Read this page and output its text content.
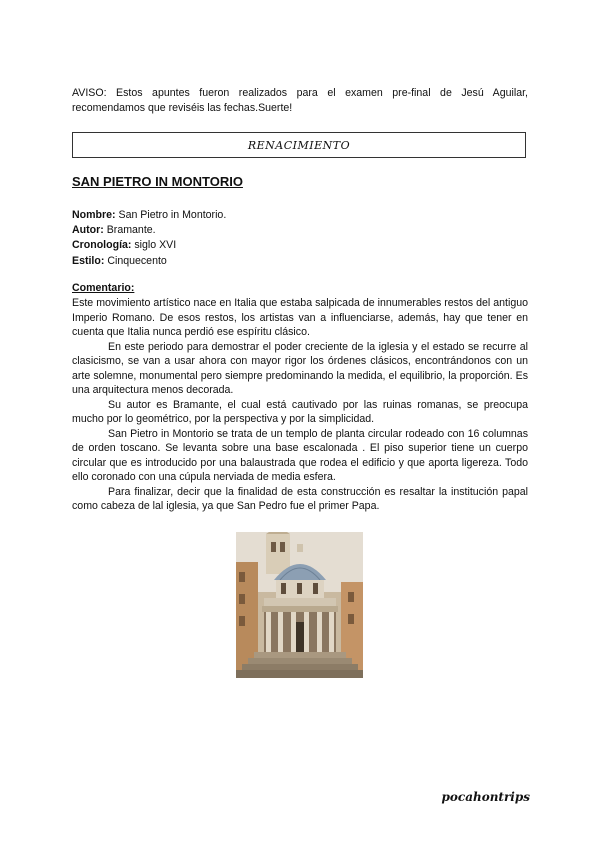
AVISO: Estos apuntes fueron realizados para el examen pre-final de Jesú Aguilar, recomendamos que reviséis las fechas.Suerte!

RENACIMIENTO
SAN PIETRO IN MONTORIO
Nombre: San Pietro in Montorio.
Autor: Bramante.
Cronología: siglo XVI
Estilo: Cinquecento
Comentario:

Este movimiento artístico nace en Italia que estaba salpicada de innumerables restos del antiguo Imperio Romano. De esos restos, los artistas van a influenciarse, además, hay que tener en cuenta que Italia nunca perdió ese espíritu clásico.

En este periodo para demostrar el poder creciente de la iglesia y el estado se recurre al clasicismo, se van a usar ahora con mayor rigor los órdenes clásicos, encontrándonos con un arte solemne, monumental pero siempre predominando la medida, el equilibrio, la proporción. Es una arquitectura menos decorada.

Su autor es Bramante, el cual está cautivado por las ruinas romanas, se preocupa mucho por lo geométrico, por la perspectiva y por la simplicidad.

San Pietro in Montorio se trata de un templo de planta circular rodeado con 16 columnas de orden toscano. Se levanta sobre una base escalonada . El piso superior tiene un cuerpo circular que es introducido por una balaustrada que rodea el edificio y que aporta ligereza. Todo ello coronado con una cúpula nerviada de media esfera.

Para finalizar, decir que la finalidad de esta construcción es resaltar la institución papal como cabeza de lal iglesia, ya que San Pedro fue el primer Papa.

pocahontrips
